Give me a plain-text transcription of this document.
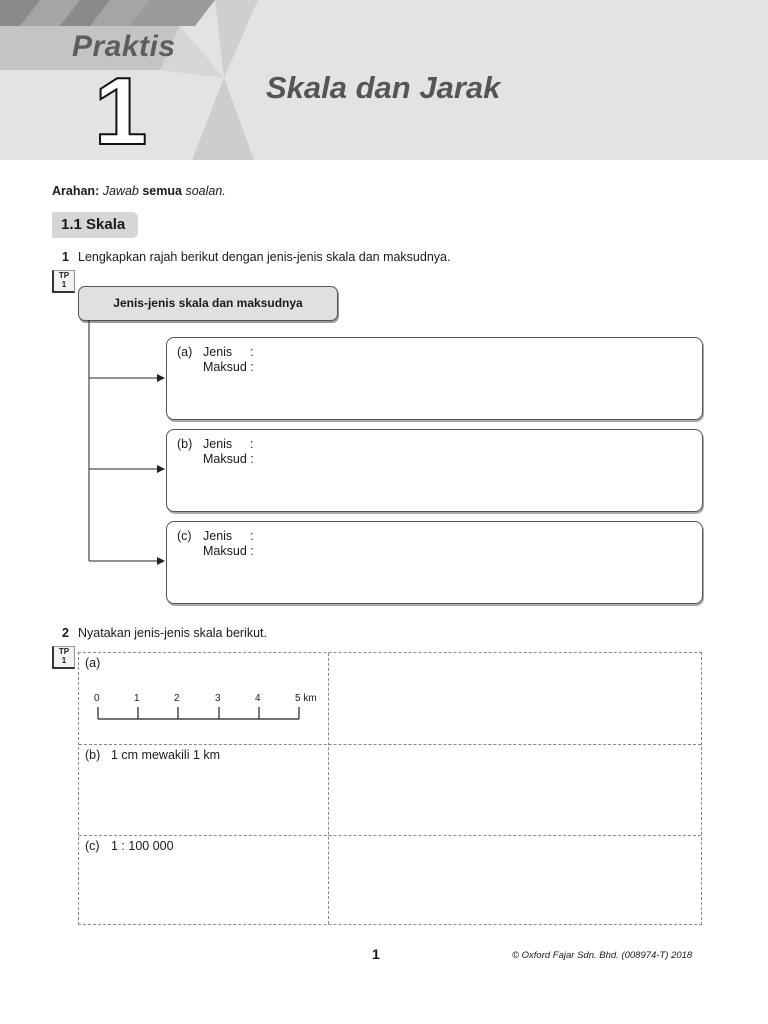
Praktis
1	Skala dan Jarak
Arahan: Jawab semua soalan.
1.1 Skala
1 Lengkapkan rajah berikut dengan jenis-jenis skala dan maksudnya.
TP
1
Jenis-jenis skala dan maksudnya
(a) Jenis :
Maksud :
(b) Jenis :
Maksud :
(c) Jenis :
Maksud :
2 Nyatakan jenis-jenis skala berikut.
TP
1	(a)
0	1	2	3	4	5 km
(b) 1 cm mewakili 1 km
(c) 1 : 100 000
1	© Oxford Fajar Sdn. Bhd. (008974-T) 2018
